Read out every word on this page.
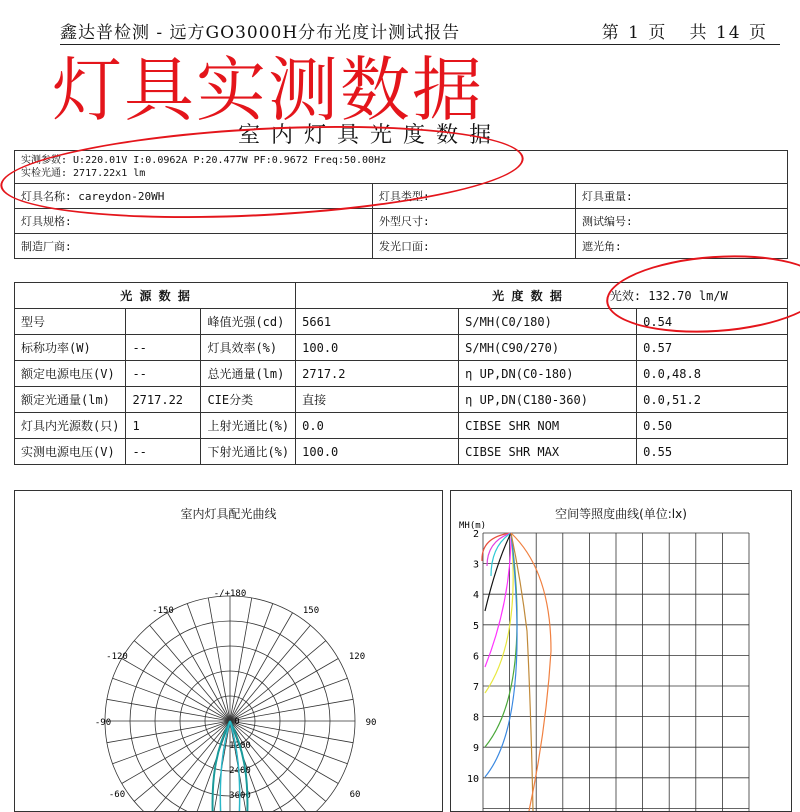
鑫达普检测 - 远方GO3000H分布光度计测试报告	第 1 页 共 14 页
灯具实测数据
室内灯具光度数据
实测参数: U:220.01V I:0.0962A P:20.477W PF:0.9672 Freq:50.00Hz
实检光通: 2717.22x1 lm		

灯具名称: careydon-20WH	灯具类型:	灯具重量:
灯具规格:	外型尺寸:	测试编号:
制造厂商:	发光口面:	遮光角:
光 源 数 据			光 度 数 据 光效: 132.70 lm/W		
型号		峰值光强(cd)	5661	S/MH(C0/180)	0.54
标称功率(W)	--	灯具效率(%)	100.0	S/MH(C90/270)	0.57
额定电源电压(V)	--	总光通量(lm)	2717.2	η UP,DN(C0-180)	0.0,48.8
额定光通量(lm)	2717.22	CIE分类	直接	η UP,DN(C180-360)	0.0,51.2
灯具内光源数(只)	1	上射光通比(%)	0.0	CIBSE SHR NOM	0.50
实测电源电压(V)	--	下射光通比(%)	100.0	CIBSE SHR MAX	0.55
室内灯具配光曲线
-/+180
-150	150
-120	120
-90	90
-60	60
0
1200
2400
3600
空间等照度曲线(单位:lx)
MH(m)
2
3
4
5
6
7
8
9
10
